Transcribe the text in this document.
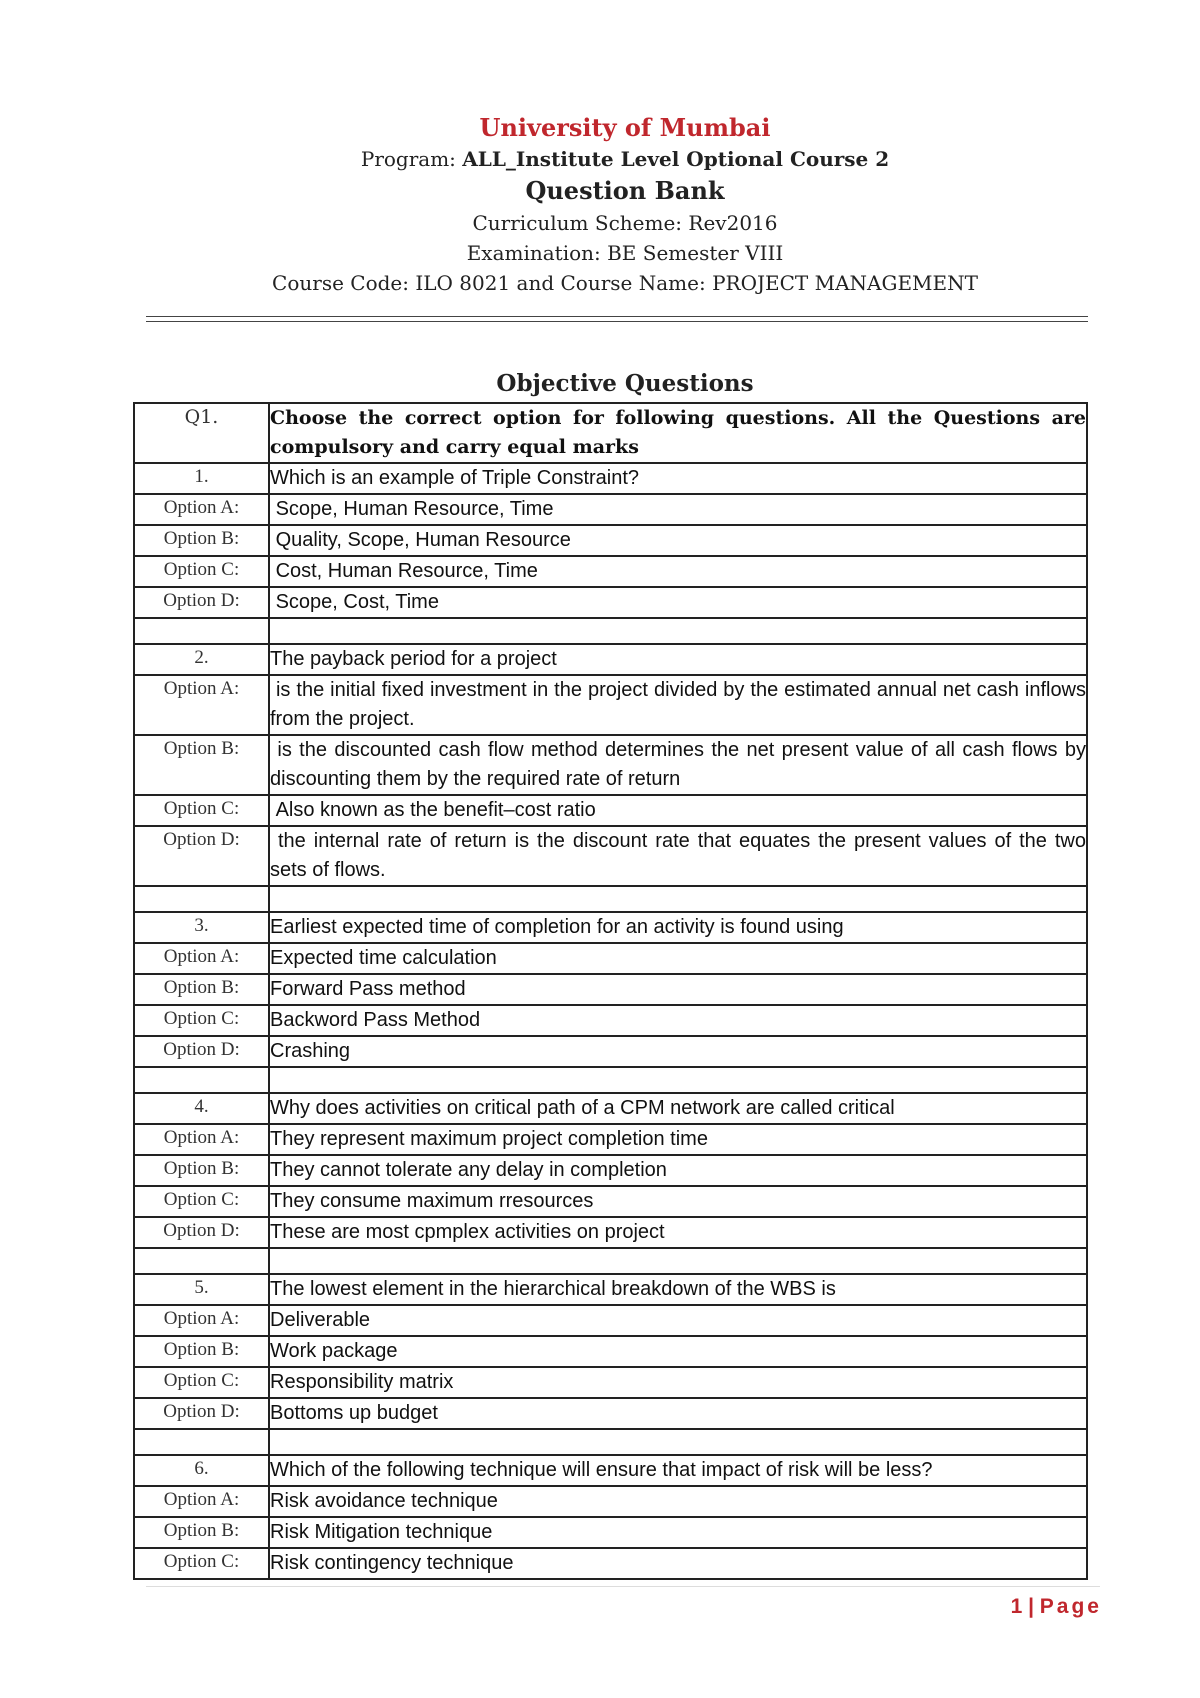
University of Mumbai
Program: ALL_Institute Level Optional Course 2
Question Bank
Curriculum Scheme: Rev2016
Examination: BE Semester VIII
Course Code: ILO 8021 and Course Name: PROJECT MANAGEMENT
Objective Questions
Q1.	Choose the correct option for following questions. All the Questions are compulsory and carry equal marks
1.	Which is an example of Triple Constraint?
Option A:	Scope, Human Resource, Time
Option B:	Quality, Scope, Human Resource
Option C:	Cost, Human Resource, Time
Option D:	Scope, Cost, Time

2.	The payback period for a project
Option A:	is the initial fixed investment in the project divided by the estimated annual net cash inflows from the project.
Option B:	is the discounted cash flow method determines the net present value of all cash flows by discounting them by the required rate of return
Option C:	Also known as the benefit–cost ratio
Option D:	the internal rate of return is the discount rate that equates the present values of the two sets of flows.

3.	Earliest expected time of completion for an activity is found using
Option A:	Expected time calculation
Option B:	Forward Pass method
Option C:	Backword Pass Method
Option D:	Crashing

4.	Why does activities on critical path of a CPM network are called critical
Option A:	They represent maximum project completion time
Option B:	They cannot tolerate any delay in completion
Option C:	They consume maximum rresources
Option D:	These are most cpmplex activities on project

5.	The lowest element in the hierarchical breakdown of the WBS is
Option A:	Deliverable
Option B:	Work package
Option C:	Responsibility matrix
Option D:	Bottoms up budget

6.	Which of the following technique will ensure that impact of risk will be less?
Option A:	Risk avoidance technique
Option B:	Risk Mitigation technique
Option C:	Risk contingency technique
1 | Page
